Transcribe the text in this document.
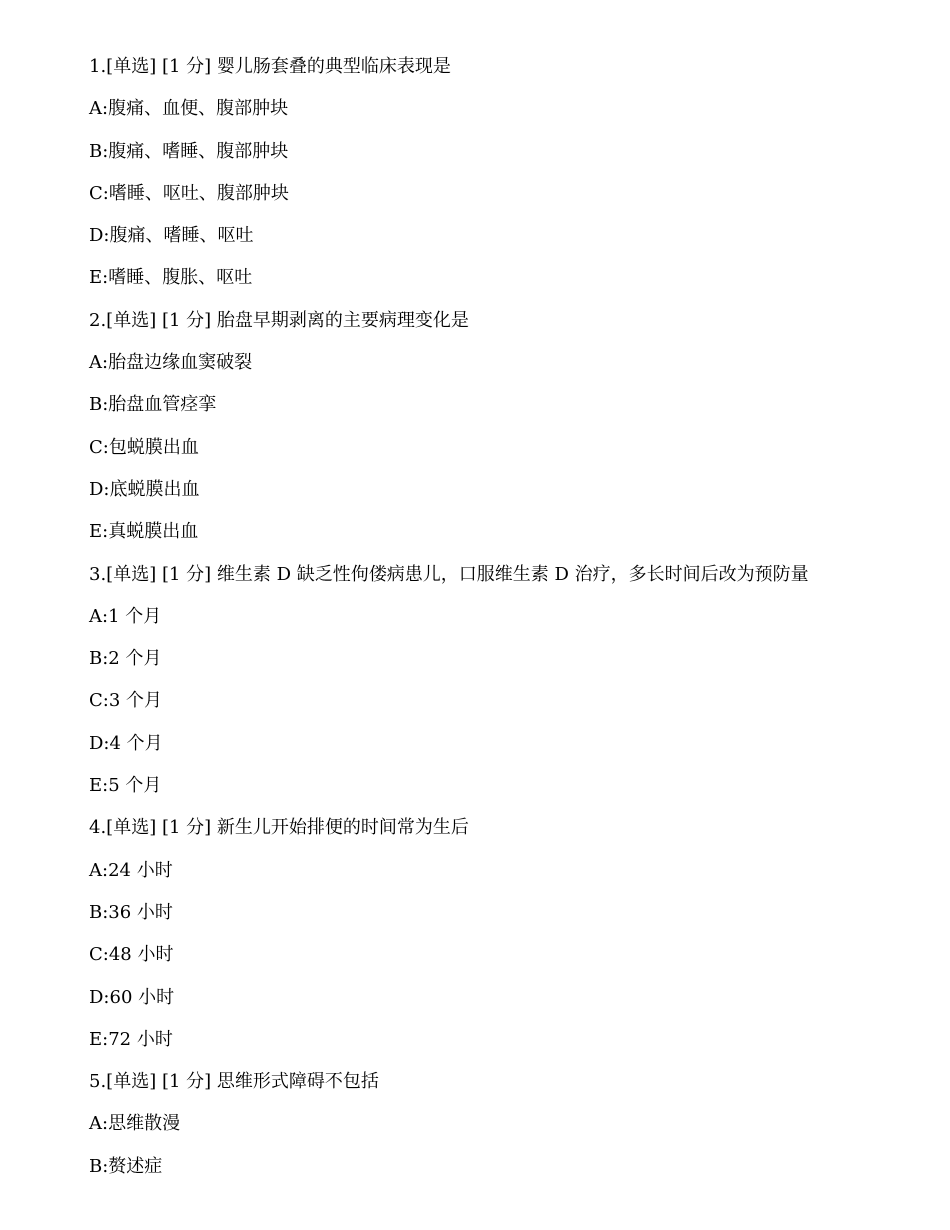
1.[单选] [1 分] 婴儿肠套叠的典型临床表现是
A:腹痛、血便、腹部肿块
B:腹痛、嗜睡、腹部肿块
C:嗜睡、呕吐、腹部肿块
D:腹痛、嗜睡、呕吐
E:嗜睡、腹胀、呕吐
2.[单选] [1 分] 胎盘早期剥离的主要病理变化是
A:胎盘边缘血窦破裂
B:胎盘血管痉挛
C:包蜕膜出血
D:底蜕膜出血
E:真蜕膜出血
3.[单选] [1 分] 维生素 D 缺乏性佝偻病患儿，口服维生素 D 治疗，多长时间后改为预防量
A:1 个月
B:2 个月
C:3 个月
D:4 个月
E:5 个月
4.[单选] [1 分] 新生儿开始排便的时间常为生后
A:24 小时
B:36 小时
C:48 小时
D:60 小时
E:72 小时
5.[单选] [1 分] 思维形式障碍不包括
A:思维散漫
B:赘述症
